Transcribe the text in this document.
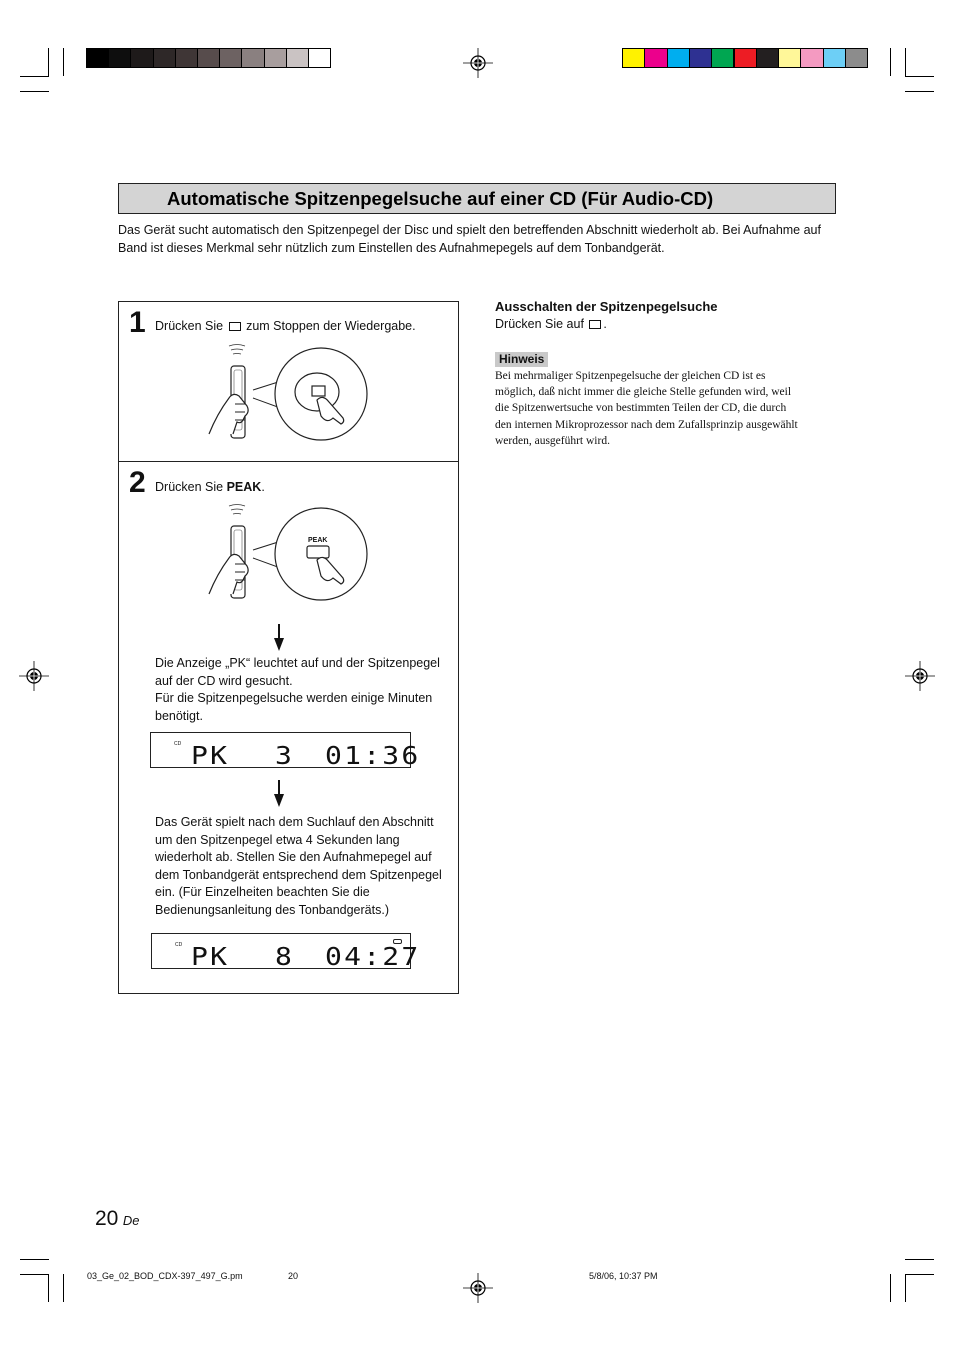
Automatische Spitzenpegelsuche auf einer CD (Für Audio-CD)
Das Gerät sucht automatisch den Spitzenpegel der Disc und spielt den betreffenden Abschnitt wiederholt ab. Bei Aufnahme auf Band ist dieses Merkmal sehr nützlich zum Einstellen des Aufnahmepegels auf dem Tonbandgerät.
1 Drücken Sie zum Stoppen der Wiedergabe.
2 Drücken Sie PEAK.
PEAK
Die Anzeige „PK“ leuchtet auf und der Spitzenpegel
auf der CD wird gesucht.
Für die Spitzenpegelsuche werden einige Minuten
benötigt.
CD PK 3 01:36
Das Gerät spielt nach dem Suchlauf den Abschnitt
um den Spitzenpegel etwa 4 Sekunden lang
wiederholt ab. Stellen Sie den Aufnahmepegel auf
dem Tonbandgerät entsprechend dem Spitzenpegel
ein. (Für Einzelheiten beachten Sie die
Bedienungsanleitung des Tonbandgeräts.)
CD PK 8 04:27
Ausschalten der Spitzenpegelsuche
Drücken Sie auf .
Hinweis
Bei mehrmaliger Spitzenpegelsuche der gleichen CD ist es
möglich, daß nicht immer die gleiche Stelle gefunden wird, weil
die Spitzenwertsuche von bestimmten Teilen der CD, die durch
den internen Mikroprozessor nach dem Zufallsprinzip ausgewählt
werden, ausgeführt wird.
20 De
03_Ge_02_BOD_CDX-397_497_G.pm	20	5/8/06, 10:37 PM
